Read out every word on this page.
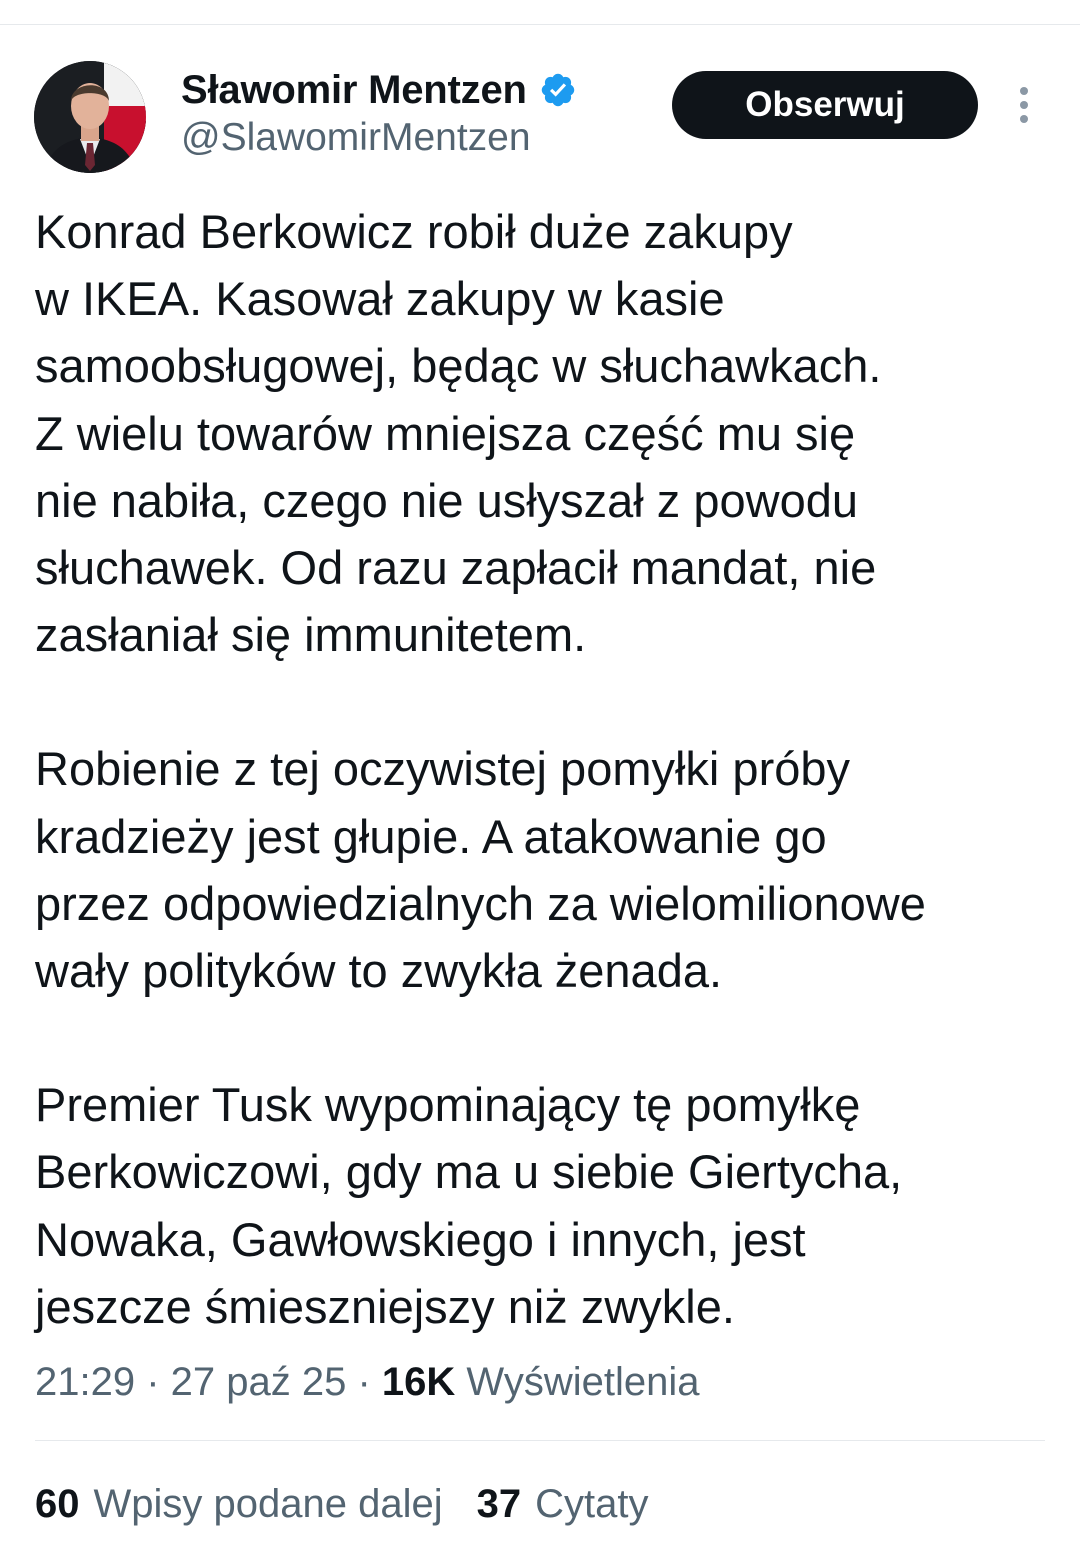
Sławomir Mentzen
@SlawomirMentzen
Obserwuj

Konrad Berkowicz robił duże zakupy
w IKEA. Kasował zakupy w kasie
samoobsługowej, będąc w słuchawkach.
Z wielu towarów mniejsza część mu się
nie nabiła, czego nie usłyszał z powodu
słuchawek. Od razu zapłacił mandat, nie
zasłaniał się immunitetem.

Robienie z tej oczywistej pomyłki próby
kradzieży jest głupie. A atakowanie go
przez odpowiedzialnych za wielomilionowe
wały polityków to zwykła żenada.

Premier Tusk wypominający tę pomyłkę
Berkowiczowi, gdy ma u siebie Giertycha,
Nowaka, Gawłowskiego i innych, jest
jeszcze śmieszniejszy niż zwykle.

21:29 · 27 paź 25 · 16K Wyświetlenia
60 Wpisy podane dalej 37 Cytaty
